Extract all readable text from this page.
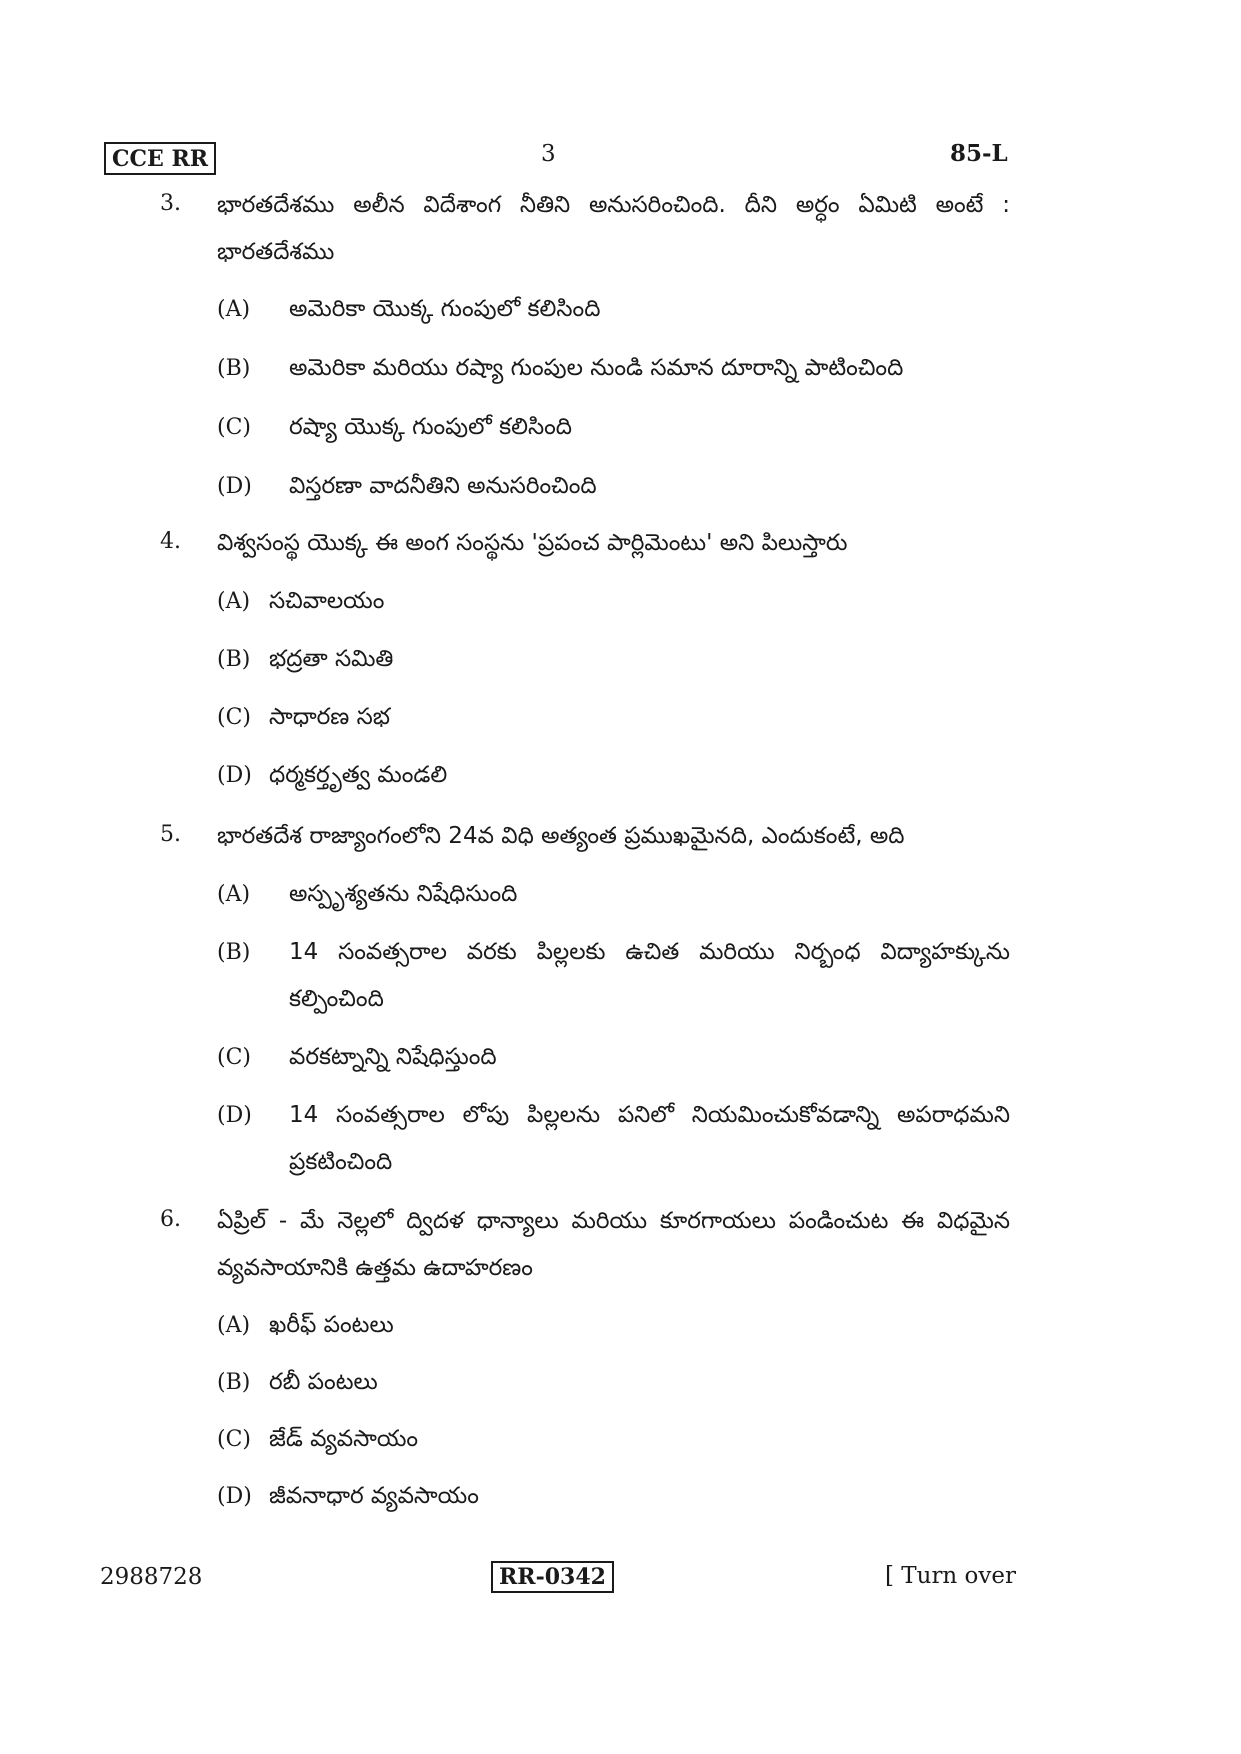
CCE RR	3	85-L
3. భారతదేశము అలీన విదేశాంగ నీతిని అనుసరించింది. దీని అర్ధం ఏమిటి అంటే : భారతదేశము
(A) అమెరికా యొక్క గుంపులో కలిసింది
(B) అమెరికా మరియు రష్యా గుంపుల నుండి సమాన దూరాన్ని పాటించింది
(C) రష్యా యొక్క గుంపులో కలిసింది
(D) విస్తరణా వాదనీతిని అనుసరించింది
4. విశ్వసంస్థ యొక్క ఈ అంగ సంస్థను 'ప్రపంచ పార్లిమెంటు' అని పిలుస్తారు
(A) సచివాలయం
(B) భద్రతా సమితి
(C) సాధారణ సభ
(D) ధర్మకర్తృత్వ మండలి
5. భారతదేశ రాజ్యాంగంలోని 24వ విధి అత్యంత ప్రముఖమైనది, ఎందుకంటే, అది
(A) అస్పృశ్యతను నిషేధిసుంది
(B) 14 సంవత్సరాల వరకు పిల్లలకు ఉచిత మరియు నిర్బంధ విద్యాహక్కును కల్పించింది
(C) వరకట్నాన్ని నిషేధిస్తుంది
(D) 14 సంవత్సరాల లోపు పిల్లలను పనిలో నియమించుకోవడాన్ని అపరాధమని ప్రకటించింది
6. ఏప్రిల్ - మే నెల్లలో ద్విదళ ధాన్యాలు మరియు కూరగాయలు పండించుట ఈ విధమైన వ్యవసాయానికి ఉత్తమ ఉదాహరణం
(A) ఖరీఫ్ పంటలు
(B) రబీ పంటలు
(C) జేడ్ వ్యవసాయం
(D) జీవనాధార వ్యవసాయం
2988728	RR-0342	[ Turn over
